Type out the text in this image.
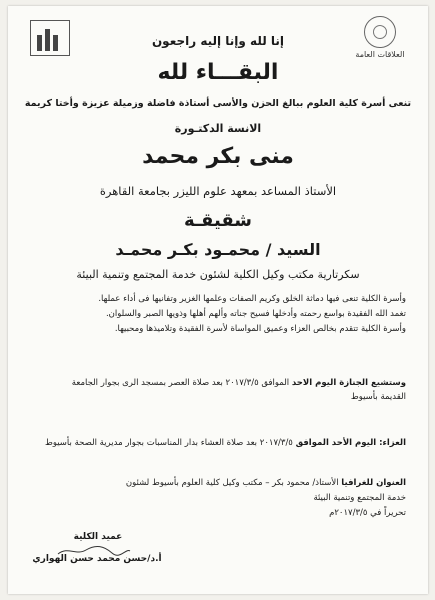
العلاقات العامة
إنا لله وإنا إليه راجعون
البقـــاء لله
تنعى أسرة كلية العلوم ببالغ الحزن والأسى أستاذة فاضلة وزميلة عزيزة وأختا كريمة
الانسة الدكتـورة
منى بكر محمد
الأستاذ المساعد بمعهد علوم الليزر بجامعة القاهرة
شقيقـة
السيد / محمـود بكـر محمـد
سكرتارية مكتب وكيل الكلية لشئون خدمة المجتمع وتنمية البيئة
وأسرة الكلية تنعى فيها دماثة الخلق وكريم الصفات وعلمها الغزير وتفانيها فى أداء عملها.
تغمد الله الفقيدة بواسع رحمته وأدخلها فسيح جناته وألهم أهلها وذويها الصبر والسلوان.
وأسرة الكلية تتقدم بخالص العزاء وعميق المواساة لأسرة الفقيدة وتلاميذها ومحبيها.
وستشيع الجنازة اليوم الاحد الموافق ٢٠١٧/٣/٥ بعد صلاة العصر بمسجد الرى بجوار الجامعة
القديمة بأسيوط
العزاء: اليوم الأحد الموافق ٢٠١٧/٣/٥ بعد صلاة العشاء بدار المناسبات بجوار مديرية الصحة بأسيوط
العنوان للغرافيا الأستاذ/ محمود بكر – مكتب وكيل كلية العلوم بأسيوط لشئون
خدمة المجتمع وتنمية البيئة
تحريراً في ٢٠١٧/٣/٥م
عميد الكلية
أ.د/حسن محمد حسن الهواري
